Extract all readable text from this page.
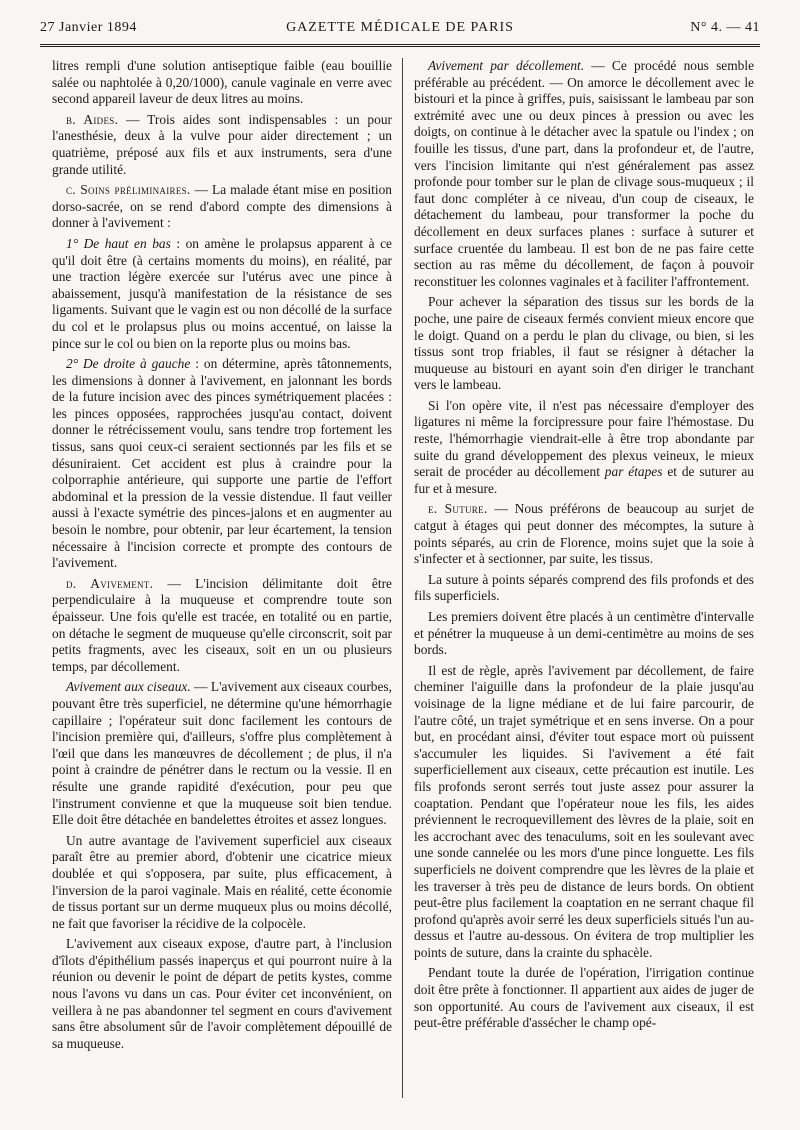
27 Janvier 1894	GAZETTE MÉDICALE DE PARIS	N° 4. — 41

litres rempli d'une solution antiseptique faible (eau bouillie salée ou naphtolée à 0,20/1000), canule vaginale en verre avec second appareil laveur de deux litres au moins.

b. Aides. — Trois aides sont indispensables : un pour l'anesthésie, deux à la vulve pour aider directement ; un quatrième, préposé aux fils et aux instruments, sera d'une grande utilité.

c. Soins préliminaires. — La malade étant mise en position dorso-sacrée, on se rend d'abord compte des dimensions à donner à l'avivement :

1° De haut en bas : on amène le prolapsus apparent à ce qu'il doit être (à certains moments du moins), en réalité, par une traction légère exercée sur l'utérus avec une pince à abaissement, jusqu'à manifestation de la résistance de ses ligaments. Suivant que le vagin est ou non décollé de la surface du col et le prolapsus plus ou moins accentué, on laisse la pince sur le col ou bien on la reporte plus ou moins bas.

2° De droite à gauche : on détermine, après tâtonnements, les dimensions à donner à l'avivement, en jalonnant les bords de la future incision avec des pinces symétriquement placées : les pinces opposées, rapprochées jusqu'au contact, doivent donner le rétrécissement voulu, sans tendre trop fortement les tissus, sans quoi ceux-ci seraient sectionnés par les fils et se désuniraient. Cet accident est plus à craindre pour la colporraphie antérieure, qui supporte une partie de l'effort abdominal et la pression de la vessie distendue. Il faut veiller aussi à l'exacte symétrie des pinces-jalons et en augmenter au besoin le nombre, pour obtenir, par leur écartement, la tension nécessaire à l'incision correcte et prompte des contours de l'avivement.

d. Avivement. — L'incision délimitante doit être perpendiculaire à la muqueuse et comprendre toute son épaisseur. Une fois qu'elle est tracée, en totalité ou en partie, on détache le segment de muqueuse qu'elle circonscrit, soit par petits fragments, avec les ciseaux, soit en un ou plusieurs temps, par décollement.

Avivement aux ciseaux. — L'avivement aux ciseaux courbes, pouvant être très superficiel, ne détermine qu'une hémorrhagie capillaire ; l'opérateur suit donc facilement les contours de l'incision première qui, d'ailleurs, s'offre plus complètement à l'œil que dans les manœuvres de décollement ; de plus, il n'a point à craindre de pénétrer dans le rectum ou la vessie. Il en résulte une grande rapidité d'exécution, pour peu que l'instrument convienne et que la muqueuse soit bien tendue. Elle doit être détachée en bandelettes étroites et assez longues.

Un autre avantage de l'avivement superficiel aux ciseaux paraît être au premier abord, d'obtenir une cicatrice mieux doublée et qui s'opposera, par suite, plus efficacement, à l'inversion de la paroi vaginale. Mais en réalité, cette économie de tissus portant sur un derme muqueux plus ou moins décollé, ne fait que favoriser la récidive de la colpocèle.

L'avivement aux ciseaux expose, d'autre part, à l'inclusion d'îlots d'épithélium passés inaperçus et qui pourront nuire à la réunion ou devenir le point de départ de petits kystes, comme nous l'avons vu dans un cas. Pour éviter cet inconvénient, on veillera à ne pas abandonner tel segment en cours d'avivement sans être absolument sûr de l'avoir complètement dépouillé de sa muqueuse.

Avivement par décollement. — Ce procédé nous semble préférable au précédent. — On amorce le décollement avec le bistouri et la pince à griffes, puis, saisissant le lambeau par son extrémité avec une ou deux pinces à pression ou avec les doigts, on continue à le détacher avec la spatule ou l'index ; on fouille les tissus, d'une part, dans la profondeur et, de l'autre, vers l'incision limitante qui n'est généralement pas assez profonde pour tomber sur le plan de clivage sous-muqueux ; il faut donc compléter à ce niveau, d'un coup de ciseaux, le détachement du lambeau, pour transformer la poche du décollement en deux surfaces planes : surface à suturer et surface cruentée du lambeau. Il est bon de ne pas faire cette section au ras même du décollement, de façon à pouvoir reconstituer les colonnes vaginales et à faciliter l'affrontement.

Pour achever la séparation des tissus sur les bords de la poche, une paire de ciseaux fermés convient mieux encore que le doigt. Quand on a perdu le plan du clivage, ou bien, si les tissus sont trop friables, il faut se résigner à détacher la muqueuse au bistouri en ayant soin d'en diriger le tranchant vers le lambeau.

Si l'on opère vite, il n'est pas nécessaire d'employer des ligatures ni même la forcipressure pour faire l'hémostase. Du reste, l'hémorrhagie viendrait-elle à être trop abondante par suite du grand développement des plexus veineux, le mieux serait de procéder au décollement par étapes et de suturer au fur et à mesure.

e. Suture. — Nous préférons de beaucoup au surjet de catgut à étages qui peut donner des mécomptes, la suture à points séparés, au crin de Florence, moins sujet que la soie à s'infecter et à sectionner, par suite, les tissus.

La suture à points séparés comprend des fils profonds et des fils superficiels.

Les premiers doivent être placés à un centimètre d'intervalle et pénétrer la muqueuse à un demi-centimètre au moins de ses bords.

Il est de règle, après l'avivement par décollement, de faire cheminer l'aiguille dans la profondeur de la plaie jusqu'au voisinage de la ligne médiane et de lui faire parcourir, de l'autre côté, un trajet symétrique et en sens inverse. On a pour but, en procédant ainsi, d'éviter tout espace mort où puissent s'accumuler les liquides. Si l'avivement a été fait superficiellement aux ciseaux, cette précaution est inutile. Les fils profonds seront serrés tout juste assez pour assurer la coaptation. Pendant que l'opérateur noue les fils, les aides préviennent le recroquevillement des lèvres de la plaie, soit en les accrochant avec des tenaculums, soit en les soulevant avec une sonde cannelée ou les mors d'une pince longuette. Les fils superficiels ne doivent comprendre que les lèvres de la plaie et les traverser à très peu de distance de leurs bords. On obtient peut-être plus facilement la coaptation en ne serrant chaque fil profond qu'après avoir serré les deux superficiels situés l'un au-dessus et l'autre au-dessous. On évitera de trop multiplier les points de suture, dans la crainte du sphacèle.

Pendant toute la durée de l'opération, l'irrigation continue doit être prête à fonctionner. Il appartient aux aides de juger de son opportunité. Au cours de l'avivement aux ciseaux, il est peut-être préférable d'assécher le champ opé-
